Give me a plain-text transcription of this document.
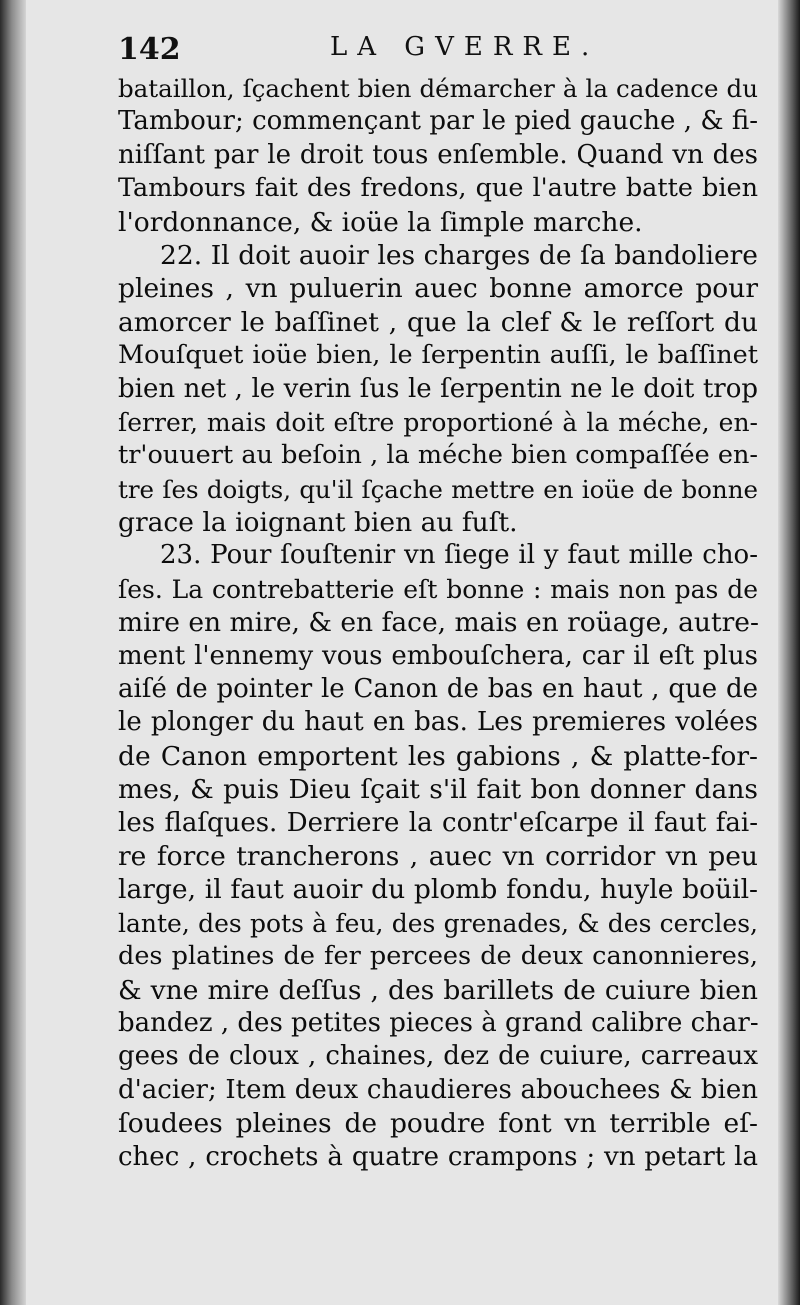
142	LA GVERRE.
bataillon, ſçachent bien démarcher à la cadence du
Tambour; commençant par le pied gauche , & fi-
niſſant par le droit tous enſemble. Quand vn des
Tambours fait des fredons, que l'autre batte bien
l'ordonnance, & ioüe la ſimple marche.
22. Il doit auoir les charges de ſa bandoliere
pleines , vn puluerin auec bonne amorce pour
amorcer le baſſinet , que la clef & le reſſort du
Mouſquet ioüe bien, le ſerpentin auſſi, le baſſinet
bien net , le verin ſus le ſerpentin ne le doit trop
ſerrer, mais doit eſtre proportioné à la méche, en-
tr'ouuert au beſoin , la méche bien compaſſée en-
tre ſes doigts, qu'il ſçache mettre en ioüe de bonne
grace la ioignant bien au fuſt.
23. Pour ſouſtenir vn ſiege il y faut mille cho-
ſes. La contrebatterie eſt bonne : mais non pas de
mire en mire, & en face, mais en roüage, autre-
ment l'ennemy vous embouſchera, car il eſt plus
aiſé de pointer le Canon de bas en haut , que de
le plonger du haut en bas. Les premieres volées
de Canon emportent les gabions , & platte-for-
mes, & puis Dieu ſçait s'il fait bon donner dans
les flaſques. Derriere la contr'eſcarpe il faut fai-
re force trancherons , auec vn corridor vn peu
large, il faut auoir du plomb fondu, huyle boüil-
lante, des pots à feu, des grenades, & des cercles,
des platines de fer percees de deux canonnieres,
& vne mire deſſus , des barillets de cuiure bien
bandez , des petites pieces à grand calibre char-
gees de cloux , chaines, dez de cuiure, carreaux
d'acier; Item deux chaudieres abouchees & bien
ſoudees pleines de poudre font vn terrible eſ-
chec , crochets à quatre crampons ; vn petart la
